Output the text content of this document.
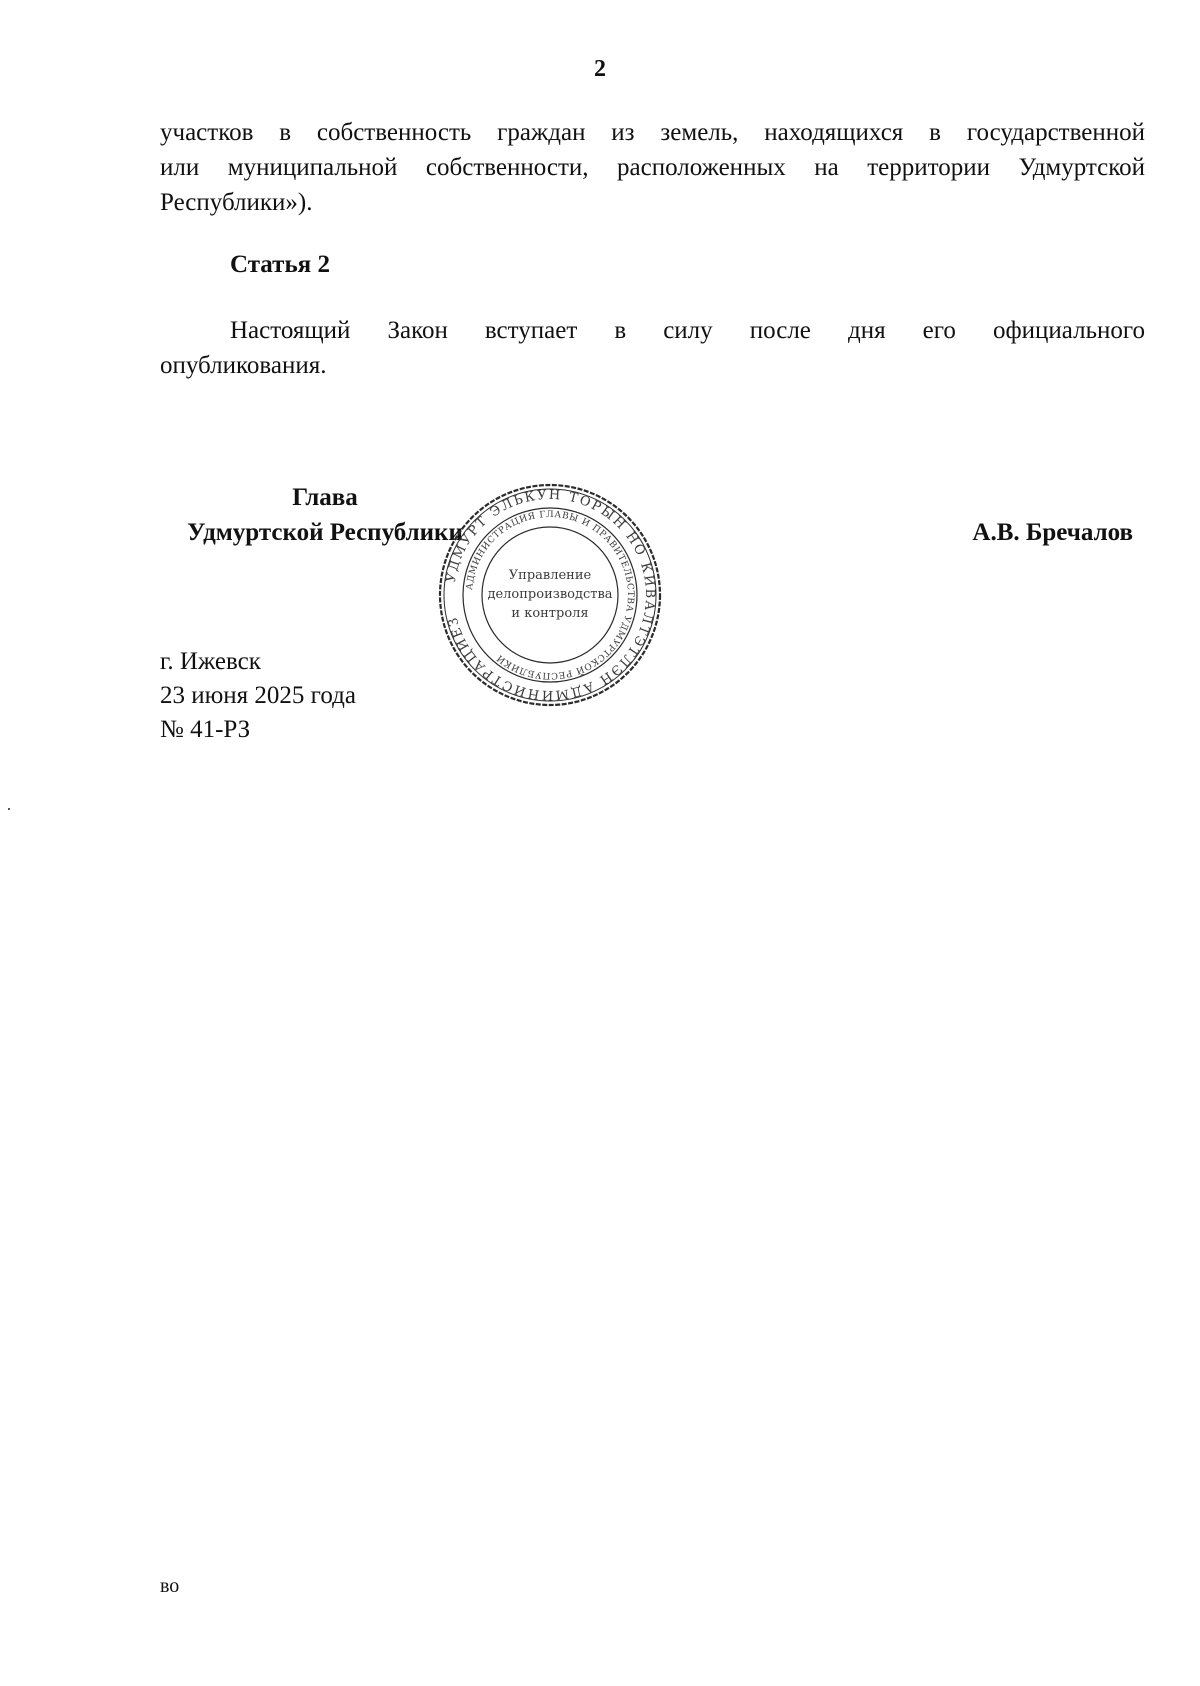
2
участков в собственность граждан из земель, находящихся в государственной
или муниципальной собственности, расположенных на территории Удмуртской
Республики»).
Статья 2
Настоящий Закон вступает в силу после дня его официального
опубликования.
Глава
Удмуртской Республики	А.В. Бречалов
УДМУРТ ЭЛЬКУН ТОРЫН НО КИВАЛТЭТЛЭН АДМИНИСТРАЦИЕЗ
АДМИНИСТРАЦИЯ ГЛАВЫ И ПРАВИТЕЛЬСТВА УДМУРТСКОЙ РЕСПУБЛИКИ
Управление
делопроизводства
и контроля
г. Ижевск
23 июня 2025 года
№ 41-РЗ
во
